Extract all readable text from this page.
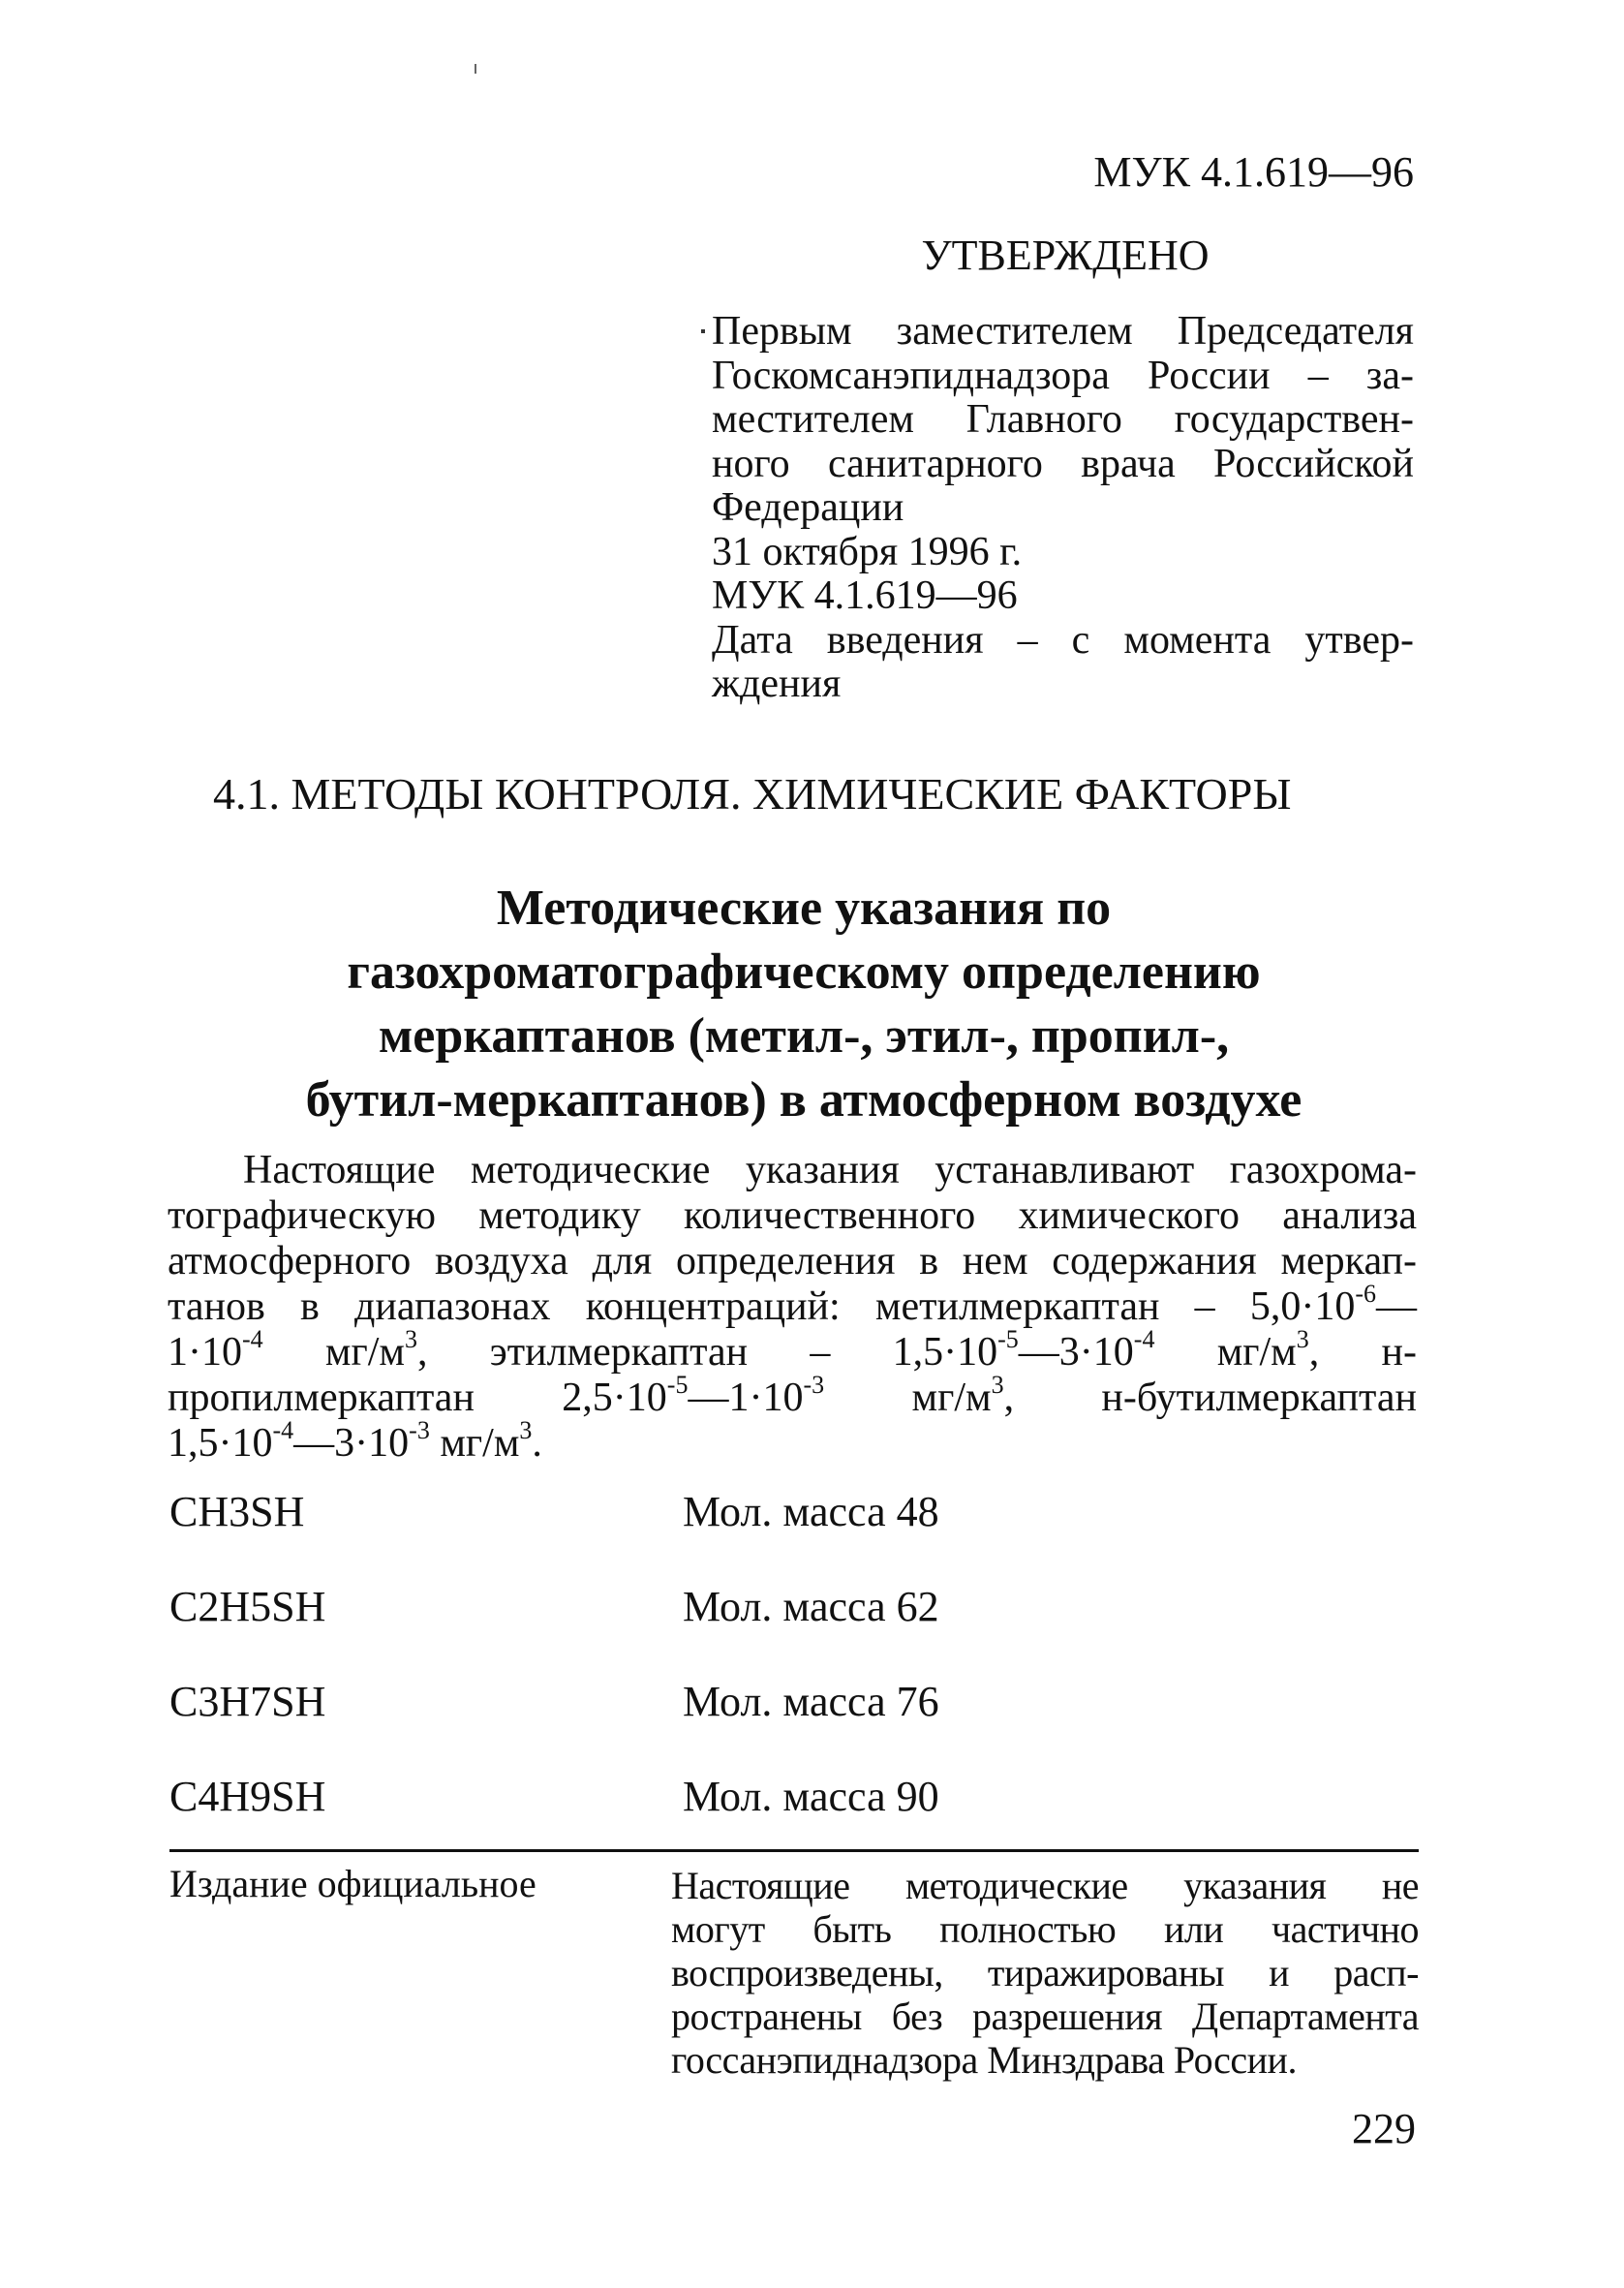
МУК 4.1.619—96
УТВЕРЖДЕНО
Первым заместителем Председателя
Госкомсанэпиднадзора России – за-
местителем Главного государствен-
ного санитарного врача Российской
Федерации
31 октября 1996 г.
МУК 4.1.619—96
Дата введения – с момента утвер-
ждения
4.1. МЕТОДЫ КОНТРОЛЯ. ХИМИЧЕСКИЕ ФАКТОРЫ
Методические указания по
газохроматографическому определению
меркаптанов (метил-, этил-, пропил-,
бутил-меркаптанов) в атмосферном воздухе
Настоящие методические указания устанавливают газохрома-
тографическую методику количественного химического анализа
атмосферного воздуха для определения в нем содержания меркап-
танов в диапазонах концентраций: метилмеркаптан – $5,0\cdot 10^{-6}—$
$1\cdot 10^{-4}$ $мг/м^3$, этилмеркаптан – $1,5\cdot 10^{-5}—3\cdot 10^{-4}$ $мг/м^3$, н-
пропилмеркаптан $2,5\cdot 10^{-5}—1\cdot 10^{-3}$ $мг/м^3$, н-бутилмеркаптан
$1,5\cdot 10^{-4}—3\cdot 10^{-3}$ $мг/м^3$.
CH3SH	Мол. масса 48
C2H5SH	Мол. масса 62
C3H7SH	Мол. масса 76
C4H9SH	Мол. масса 90
Издание официальное	Настоящие методические указания не
могут быть полностью или частично
воспроизведены, тиражированы и расп-
ространены без разрешения Департамента
госсанэпиднадзора Минздрава России.
229
